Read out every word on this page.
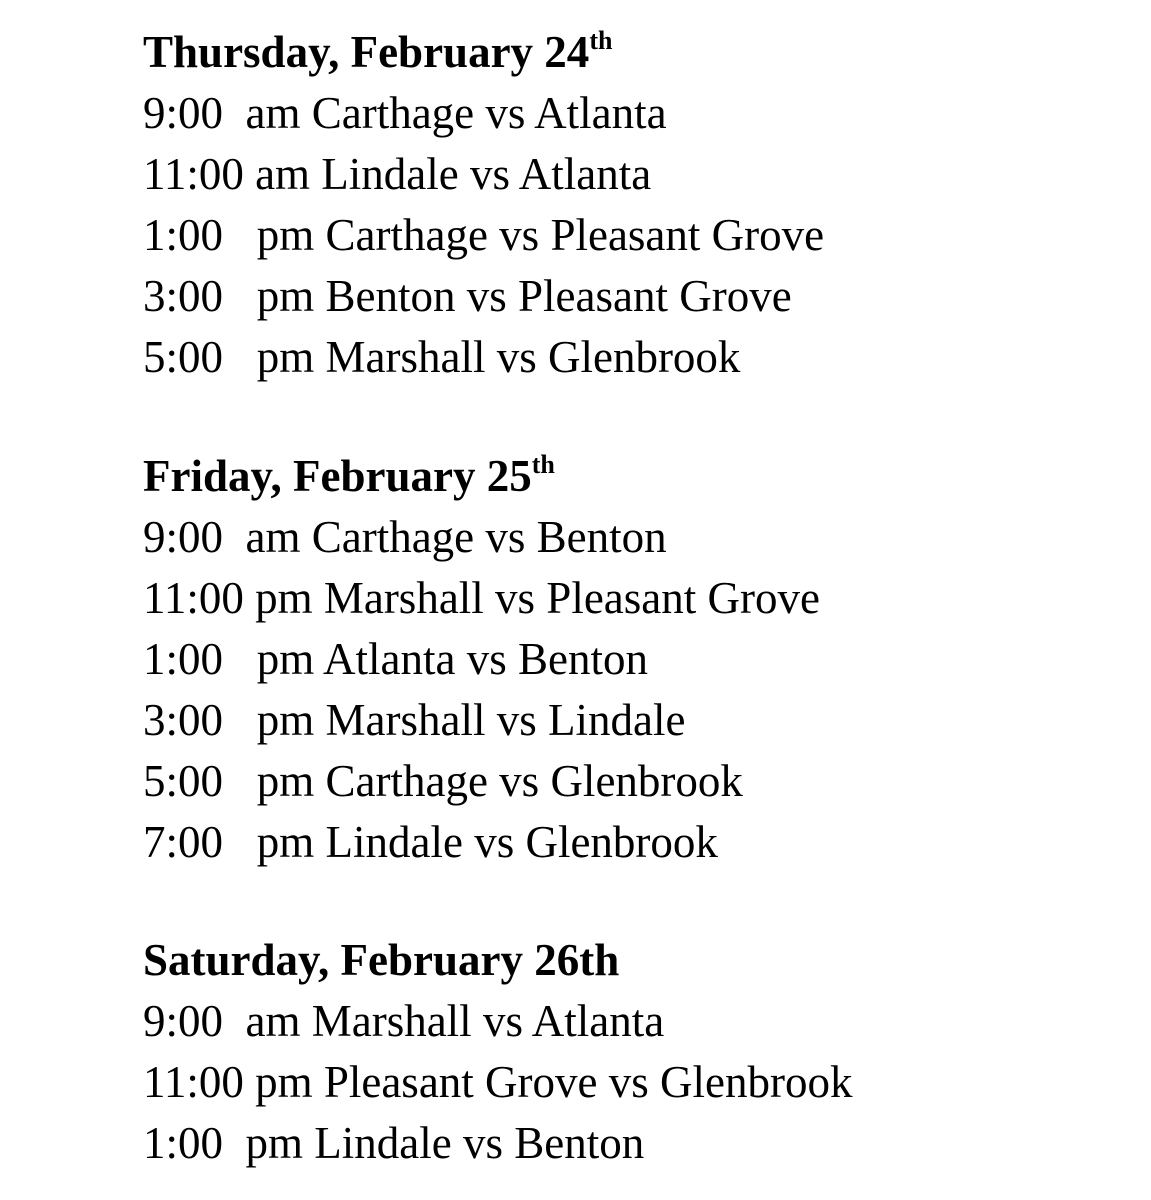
Thursday, February 24th
9:00  am Carthage vs Atlanta
11:00 am Lindale vs Atlanta
1:00   pm Carthage vs Pleasant Grove
3:00   pm Benton vs Pleasant Grove
5:00   pm Marshall vs Glenbrook
Friday, February 25th
9:00  am Carthage vs Benton
11:00 pm Marshall vs Pleasant Grove
1:00   pm Atlanta vs Benton
3:00   pm Marshall vs Lindale
5:00   pm Carthage vs Glenbrook
7:00   pm Lindale vs Glenbrook
Saturday, February 26th
9:00  am Marshall vs Atlanta
11:00 pm Pleasant Grove vs Glenbrook
1:00  pm Lindale vs Benton
